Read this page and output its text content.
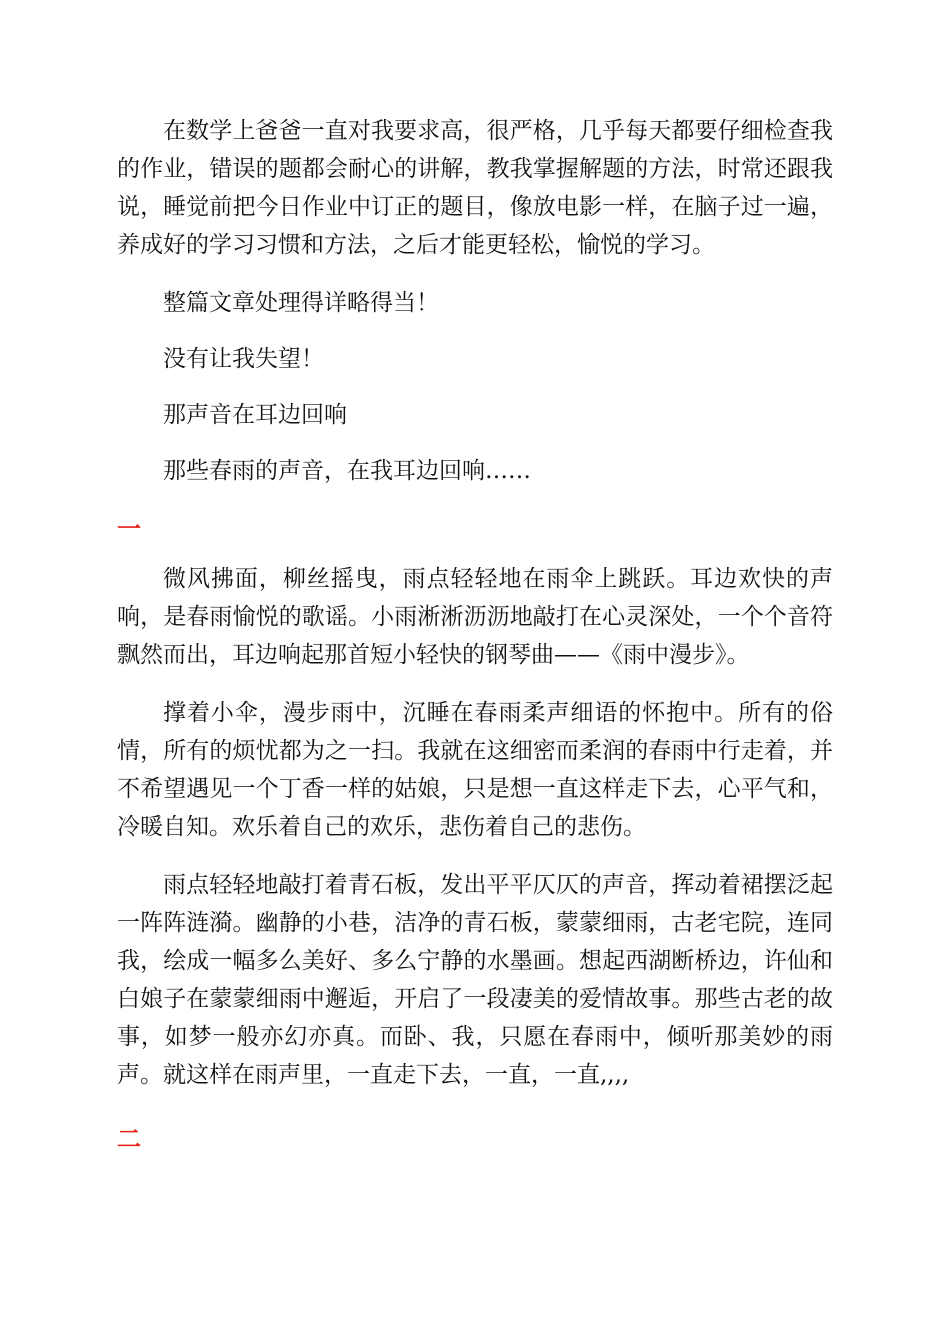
在数学上爸爸一直对我要求高，很严格，几乎每天都要仔细检查我的作业，错误的题都会耐心的讲解，教我掌握解题的方法，时常还跟我说，睡觉前把今日作业中订正的题目，像放电影一样，在脑子过一遍，养成好的学习习惯和方法，之后才能更轻松，愉悦的学习。

整篇文章处理得详略得当！

没有让我失望！

那声音在耳边回响

那些春雨的声音，在我耳边回响……

一

微风拂面，柳丝摇曳，雨点轻轻地在雨伞上跳跃。耳边欢快的声响，是春雨愉悦的歌谣。小雨淅淅沥沥地敲打在心灵深处，一个个音符飘然而出，耳边响起那首短小轻快的钢琴曲——《雨中漫步》。

撑着小伞，漫步雨中，沉睡在春雨柔声细语的怀抱中。所有的俗情，所有的烦忧都为之一扫。我就在这细密而柔润的春雨中行走着，并不希望遇见一个丁香一样的姑娘，只是想一直这样走下去，心平气和，冷暖自知。欢乐着自己的欢乐，悲伤着自己的悲伤。

雨点轻轻地敲打着青石板，发出平平仄仄的声音，挥动着裙摆泛起一阵阵涟漪。幽静的小巷，洁净的青石板，蒙蒙细雨，古老宅院，连同我，绘成一幅多么美好、多么宁静的水墨画。想起西湖断桥边，许仙和白娘子在蒙蒙细雨中邂逅，开启了一段凄美的爱情故事。那些古老的故事，如梦一般亦幻亦真。而卧、我，只愿在春雨中，倾听那美妙的雨声。就这样在雨声里，一直走下去，一直，一直,,,,

二
